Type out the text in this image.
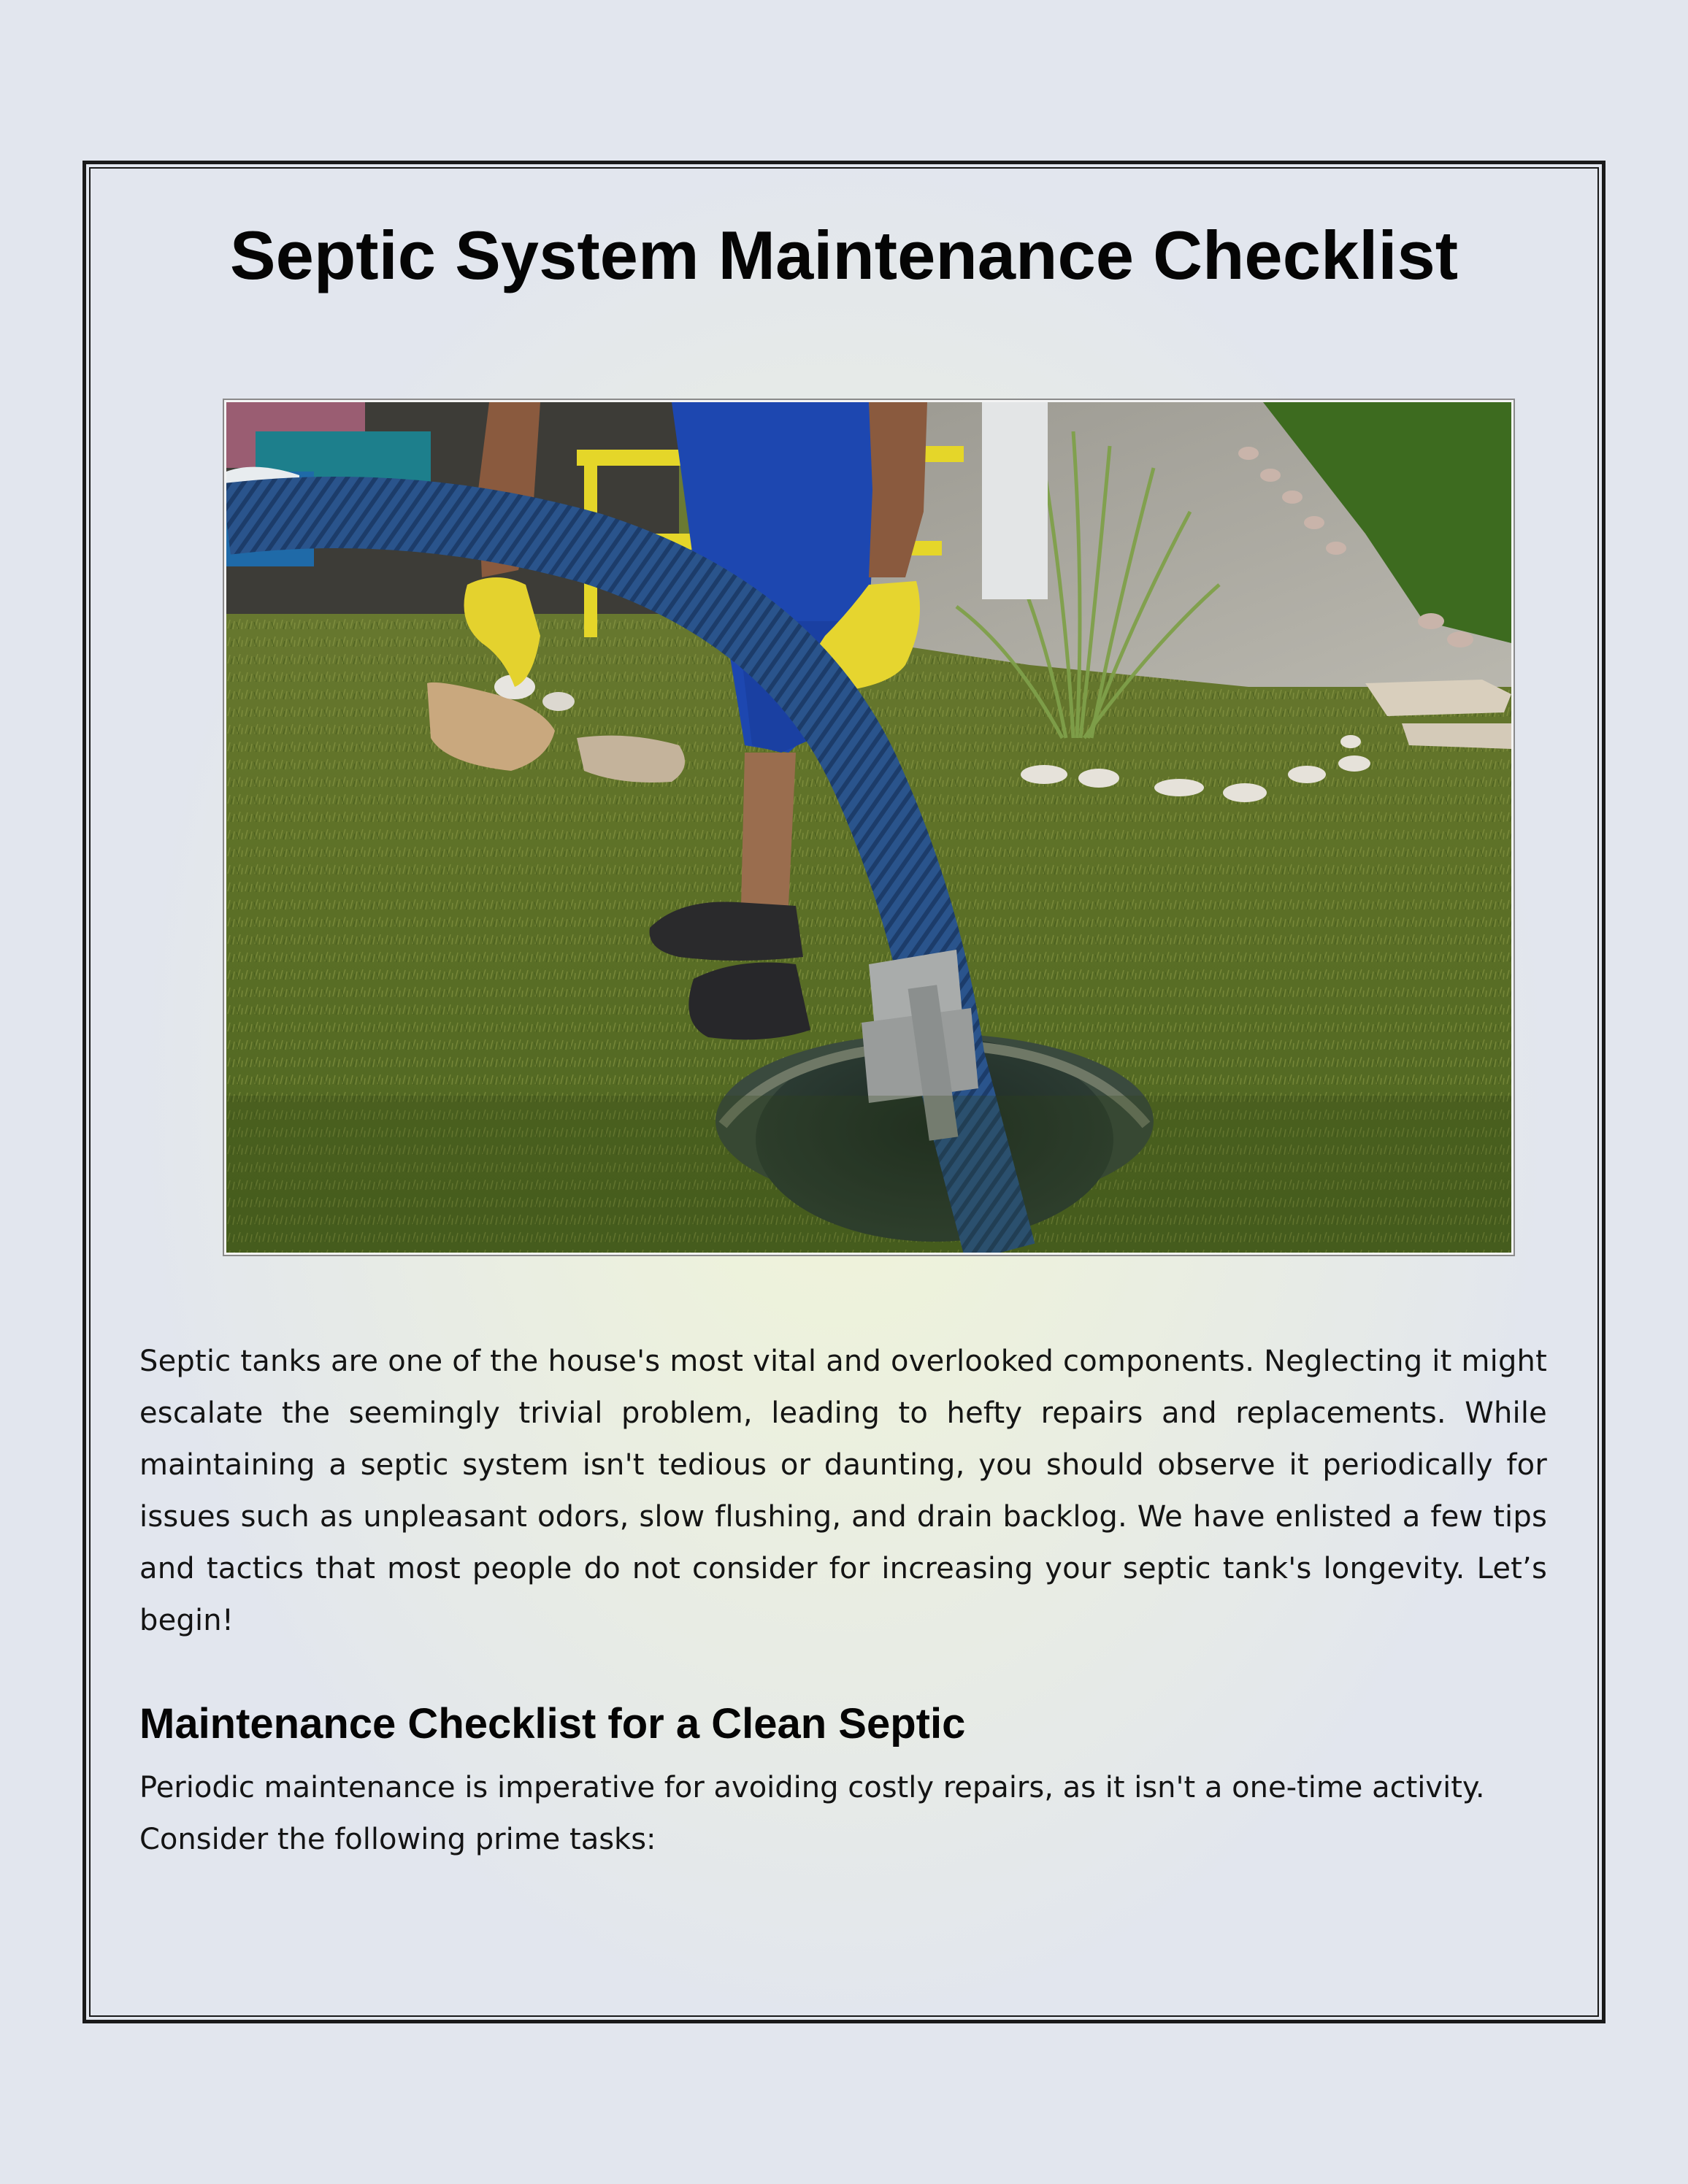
Septic System Maintenance Checklist

Septic tanks are one of the house's most vital and overlooked components. Neglecting it might escalate the seemingly trivial problem, leading to hefty repairs and replacements. While maintaining a septic system isn't tedious or daunting, you should observe it periodically for issues such as unpleasant odors, slow flushing, and drain backlog. We have enlisted a few tips and tactics that most people do not consider for increasing your septic tank's longevity. Let’s begin!

Maintenance Checklist for a Clean Septic

Periodic maintenance is imperative for avoiding costly repairs, as it isn't a one-time activity. Consider the following prime tasks:
